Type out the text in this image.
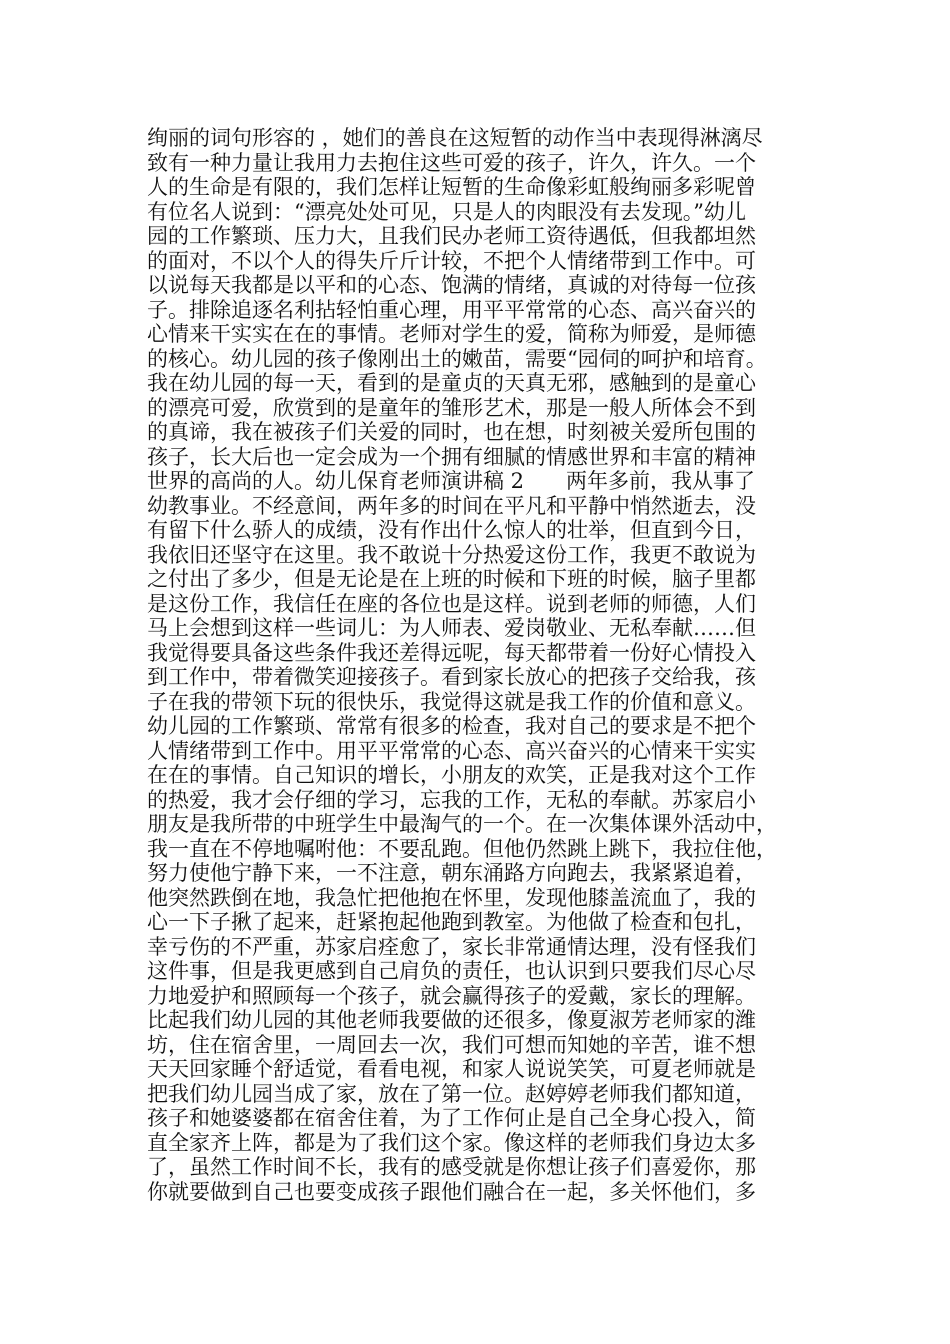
绚丽的词句形容的 ，她们的善良在这短暂的动作当中表现得淋漓尽
致有一种力量让我用力去抱住这些可爱的孩子，许久，许久。一个
人的生命是有限的，我们怎样让短暂的生命像彩虹般绚丽多彩呢曾
有位名人说到：“漂亮处处可见，只是人的肉眼没有去发现。”幼儿
园的工作繁琐、压力大，且我们民办老师工资待遇低，但我都坦然
的面对，不以个人的得失斤斤计较，不把个人情绪带到工作中。可
以说每天我都是以平和的心态、饱满的情绪，真诚的对待每一位孩
子。排除追逐名利拈轻怕重心理，用平平常常的心态、高兴奋兴的
心情来干实实在在的事情。老师对学生的爱，简称为师爱，是师德
的核心。幼儿园的孩子像刚出土的嫩苗，需要“园伺的呵护和培育。
我在幼儿园的每一天，看到的是童贞的天真无邪，感触到的是童心
的漂亮可爱，欣赏到的是童年的雏形艺术，那是一般人所体会不到
的真谛，我在被孩子们关爱的同时，也在想，时刻被关爱所包围的
孩子，长大后也一定会成为一个拥有细腻的情感世界和丰富的精神
世界的高尚的人。幼儿保育老师演讲稿 2　　两年多前，我从事了
幼教事业。不经意间，两年多的时间在平凡和平静中悄然逝去，没
有留下什么骄人的成绩，没有作出什么惊人的壮举，但直到今日，
我依旧还坚守在这里。我不敢说十分热爱这份工作，我更不敢说为
之付出了多少，但是无论是在上班的时候和下班的时候，脑子里都
是这份工作，我信任在座的各位也是这样。说到老师的师德，人们
马上会想到这样一些词儿：为人师表、爱岗敬业、无私奉献……但
我觉得要具备这些条件我还差得远呢，每天都带着一份好心情投入
到工作中，带着微笑迎接孩子。看到家长放心的把孩子交给我，孩
子在我的带领下玩的很快乐，我觉得这就是我工作的价值和意义。
幼儿园的工作繁琐、常常有很多的检查，我对自己的要求是不把个
人情绪带到工作中。用平平常常的心态、高兴奋兴的心情来干实实
在在的事情。自己知识的增长，小朋友的欢笑，正是我对这个工作
的热爱，我才会仔细的学习，忘我的工作，无私的奉献。苏家启小
朋友是我所带的中班学生中最淘气的一个。在一次集体课外活动中，
我一直在不停地嘱咐他：不要乱跑。但他仍然跳上跳下，我拉住他，
努力使他宁静下来，一不注意，朝东涌路方向跑去，我紧紧追着，
他突然跌倒在地，我急忙把他抱在怀里，发现他膝盖流血了，我的
心一下子揪了起来，赶紧抱起他跑到教室。为他做了检查和包扎，
幸亏伤的不严重，苏家启痊愈了，家长非常通情达理，没有怪我们
这件事，但是我更感到自己肩负的责任，也认识到只要我们尽心尽
力地爱护和照顾每一个孩子，就会赢得孩子的爱戴，家长的理解。
比起我们幼儿园的其他老师我要做的还很多，像夏淑芳老师家的潍
坊，住在宿舍里，一周回去一次，我们可想而知她的辛苦，谁不想
天天回家睡个舒适觉，看看电视，和家人说说笑笑，可夏老师就是
把我们幼儿园当成了家，放在了第一位。赵婷婷老师我们都知道，
孩子和她婆婆都在宿舍住着，为了工作何止是自己全身心投入，简
直全家齐上阵，都是为了我们这个家。像这样的老师我们身边太多
了，虽然工作时间不长，我有的感受就是你想让孩子们喜爱你，那
你就要做到自己也要变成孩子跟他们融合在一起，多关怀他们，多
